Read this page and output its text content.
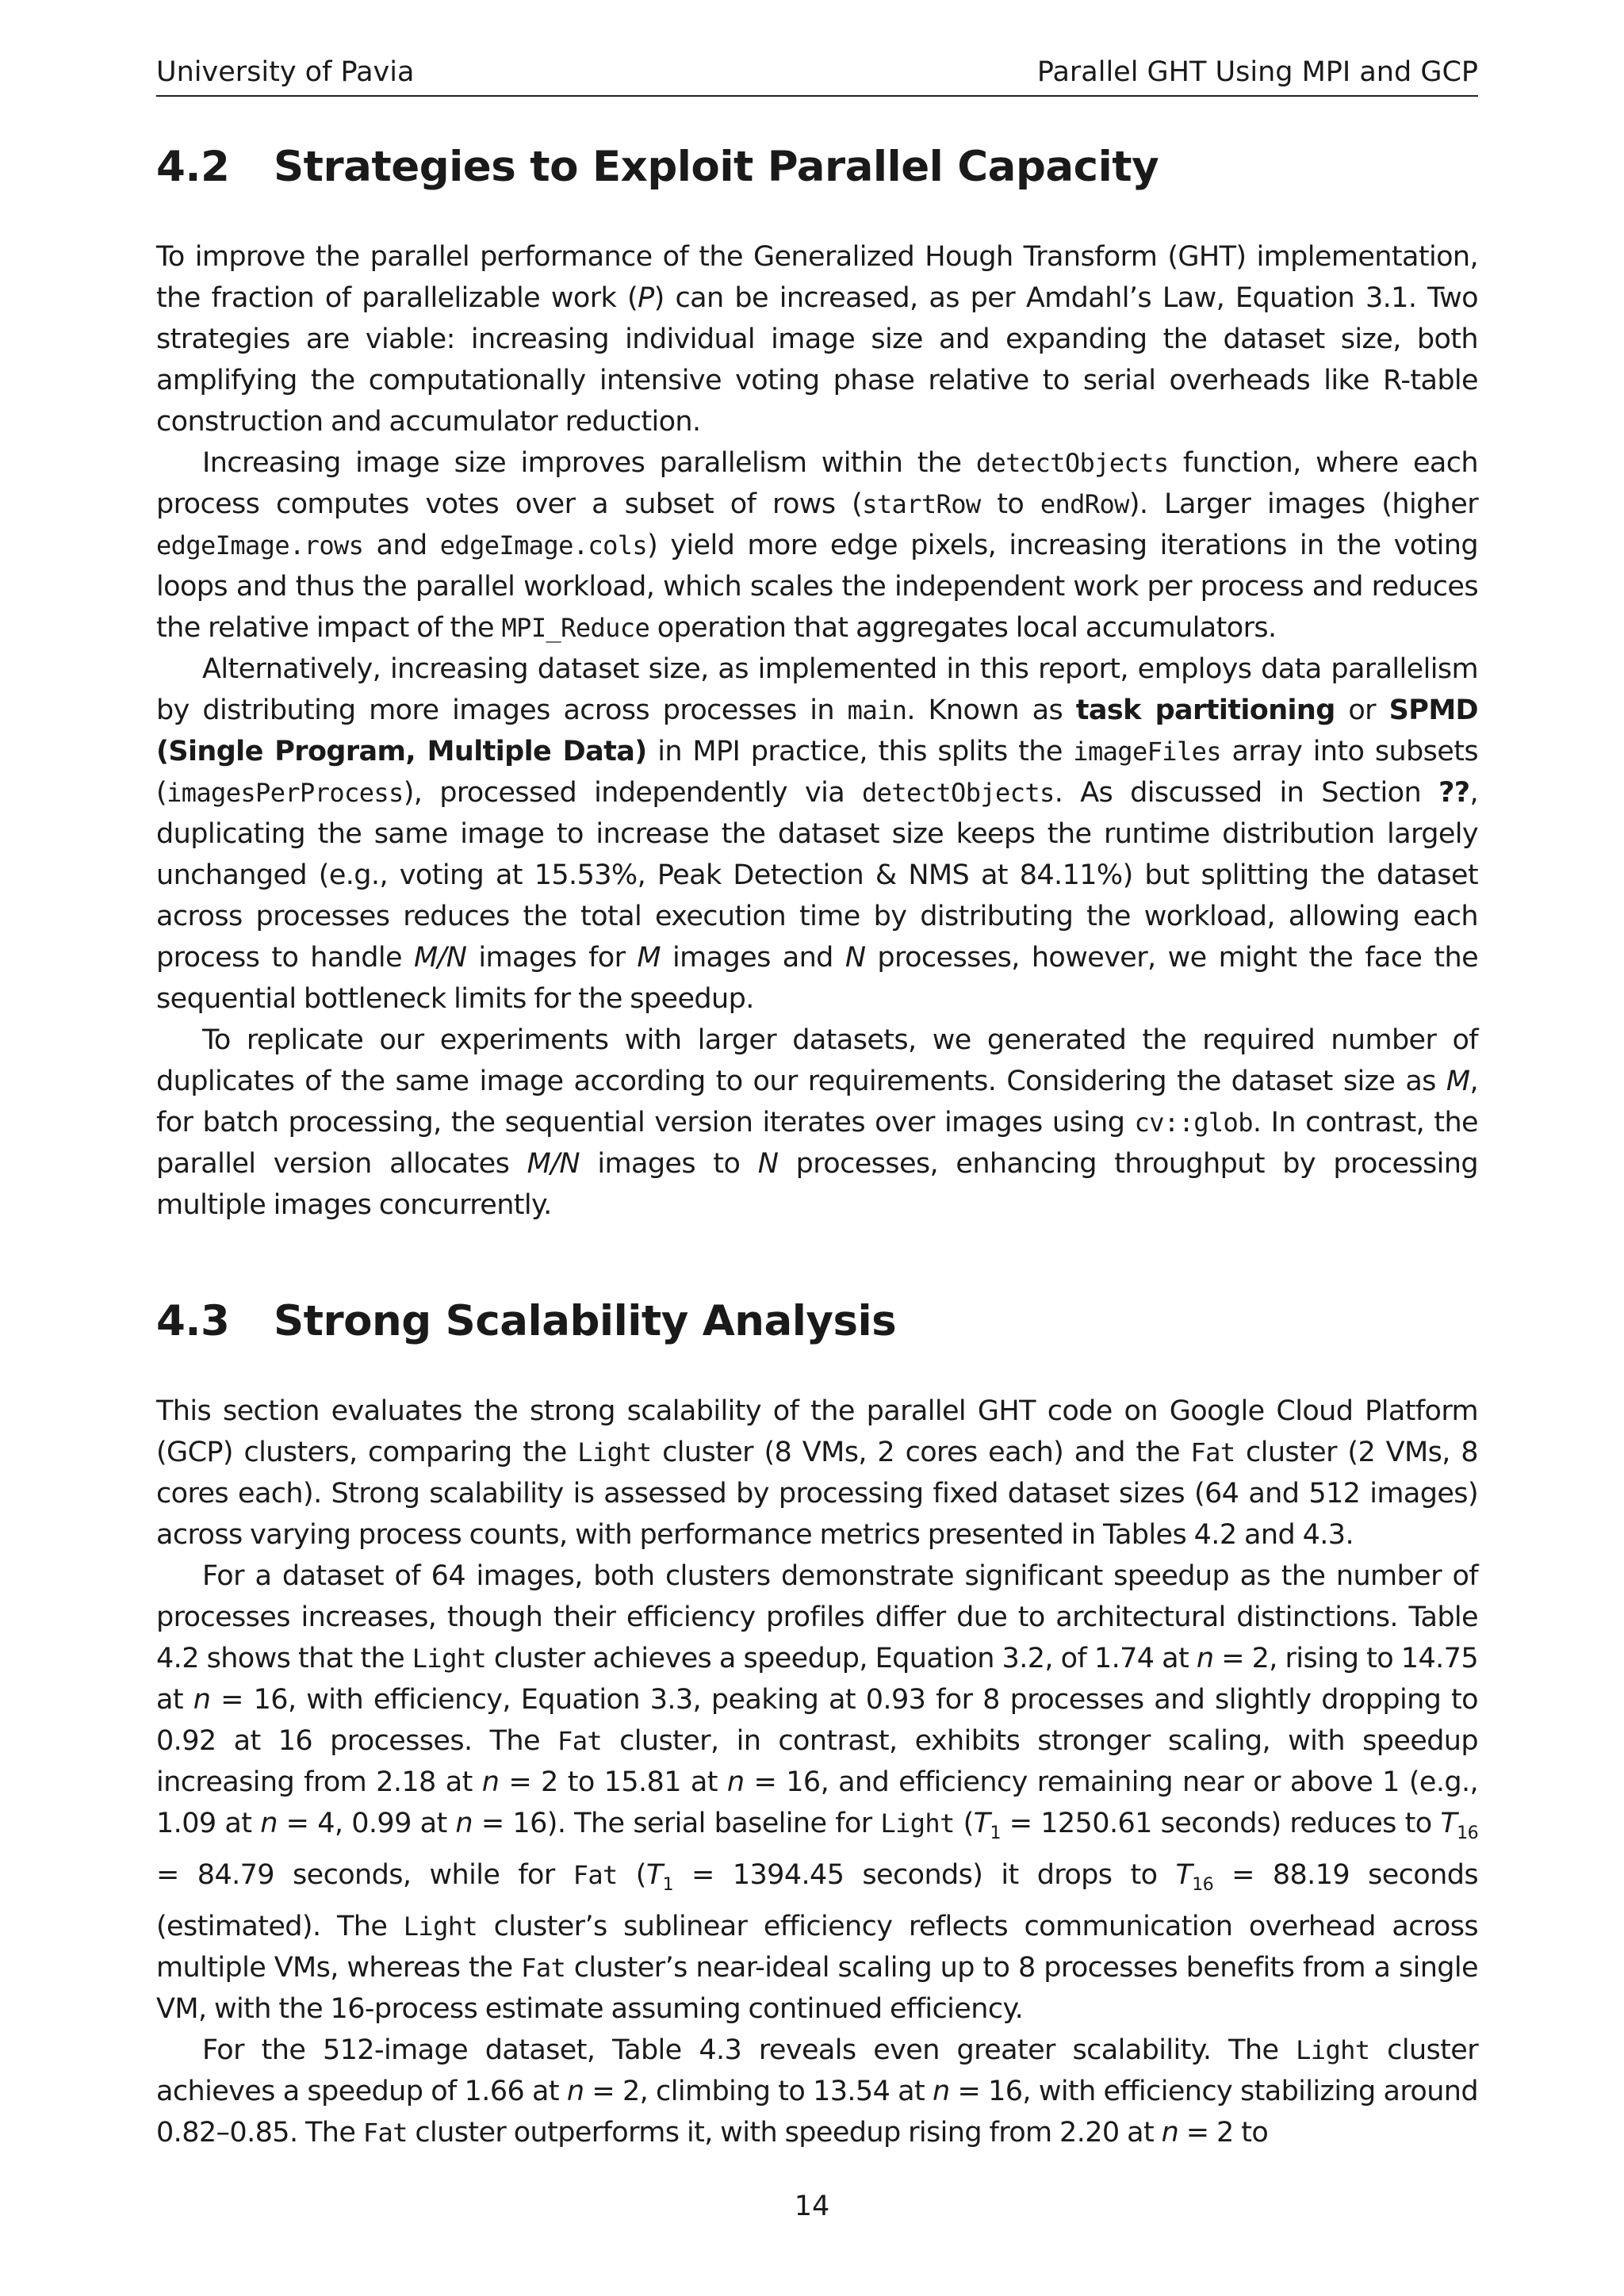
University of Pavia	Parallel GHT Using MPI and GCP
4.2 Strategies to Exploit Parallel Capacity

To improve the parallel performance of the Generalized Hough Transform (GHT) implementation, the fraction of parallelizable work (P) can be increased, as per Amdahl’s Law, Equation 3.1. Two strategies are viable: increasing individual image size and expanding the dataset size, both amplifying the computationally intensive voting phase relative to serial overheads like R-table construction and accumulator reduction.

Increasing image size improves parallelism within the detectObjects function, where each process computes votes over a subset of rows (startRow to endRow). Larger images (higher edgeImage.rows and edgeImage.cols) yield more edge pixels, increasing iterations in the voting loops and thus the parallel workload, which scales the independent work per process and reduces the relative impact of the MPI_Reduce operation that aggregates local accumulators.

Alternatively, increasing dataset size, as implemented in this report, employs data parallelism by distributing more images across processes in main. Known as task partitioning or SPMD (Single Program, Multiple Data) in MPI practice, this splits the imageFiles array into subsets (imagesPerProcess), processed independently via detectObjects. As discussed in Section ??, duplicating the same image to increase the dataset size keeps the runtime distribution largely unchanged (e.g., voting at 15.53%, Peak Detection & NMS at 84.11%) but splitting the dataset across processes reduces the total execution time by distributing the workload, allowing each process to handle M/N images for M images and N processes, however, we might the face the sequential bottleneck limits for the speedup.

To replicate our experiments with larger datasets, we generated the required number of duplicates of the same image according to our requirements. Considering the dataset size as M, for batch processing, the sequential version iterates over images using cv::glob. In contrast, the parallel version allocates M/N images to N processes, enhancing throughput by processing multiple images concurrently.

4.3 Strong Scalability Analysis

This section evaluates the strong scalability of the parallel GHT code on Google Cloud Platform (GCP) clusters, comparing the Light cluster (8 VMs, 2 cores each) and the Fat cluster (2 VMs, 8 cores each). Strong scalability is assessed by processing fixed dataset sizes (64 and 512 images) across varying process counts, with performance metrics presented in Tables 4.2 and 4.3.

For a dataset of 64 images, both clusters demonstrate significant speedup as the number of processes increases, though their efficiency profiles differ due to architectural distinctions. Table 4.2 shows that the Light cluster achieves a speedup, Equation 3.2, of 1.74 at n = 2, rising to 14.75 at n = 16, with efficiency, Equation 3.3, peaking at 0.93 for 8 processes and slightly dropping to 0.92 at 16 processes. The Fat cluster, in contrast, exhibits stronger scaling, with speedup increasing from 2.18 at n = 2 to 15.81 at n = 16, and efficiency remaining near or above 1 (e.g., 1.09 at n = 4, 0.99 at n = 16). The serial baseline for Light ($T_1 = 1250.61$ seconds) reduces to $T_{16} = 84.79$ seconds, while for Fat ($T_1 = 1394.45$ seconds) it drops to $T_{16} = 88.19$ seconds (estimated). The Light cluster’s sublinear efficiency reflects communication overhead across multiple VMs, whereas the Fat cluster’s near-ideal scaling up to 8 processes benefits from a single VM, with the 16-process estimate assuming continued efficiency.

For the 512-image dataset, Table 4.3 reveals even greater scalability. The Light cluster achieves a speedup of 1.66 at n = 2, climbing to 13.54 at n = 16, with efficiency stabilizing around 0.82–0.85. The Fat cluster outperforms it, with speedup rising from 2.20 at n = 2 to

14
